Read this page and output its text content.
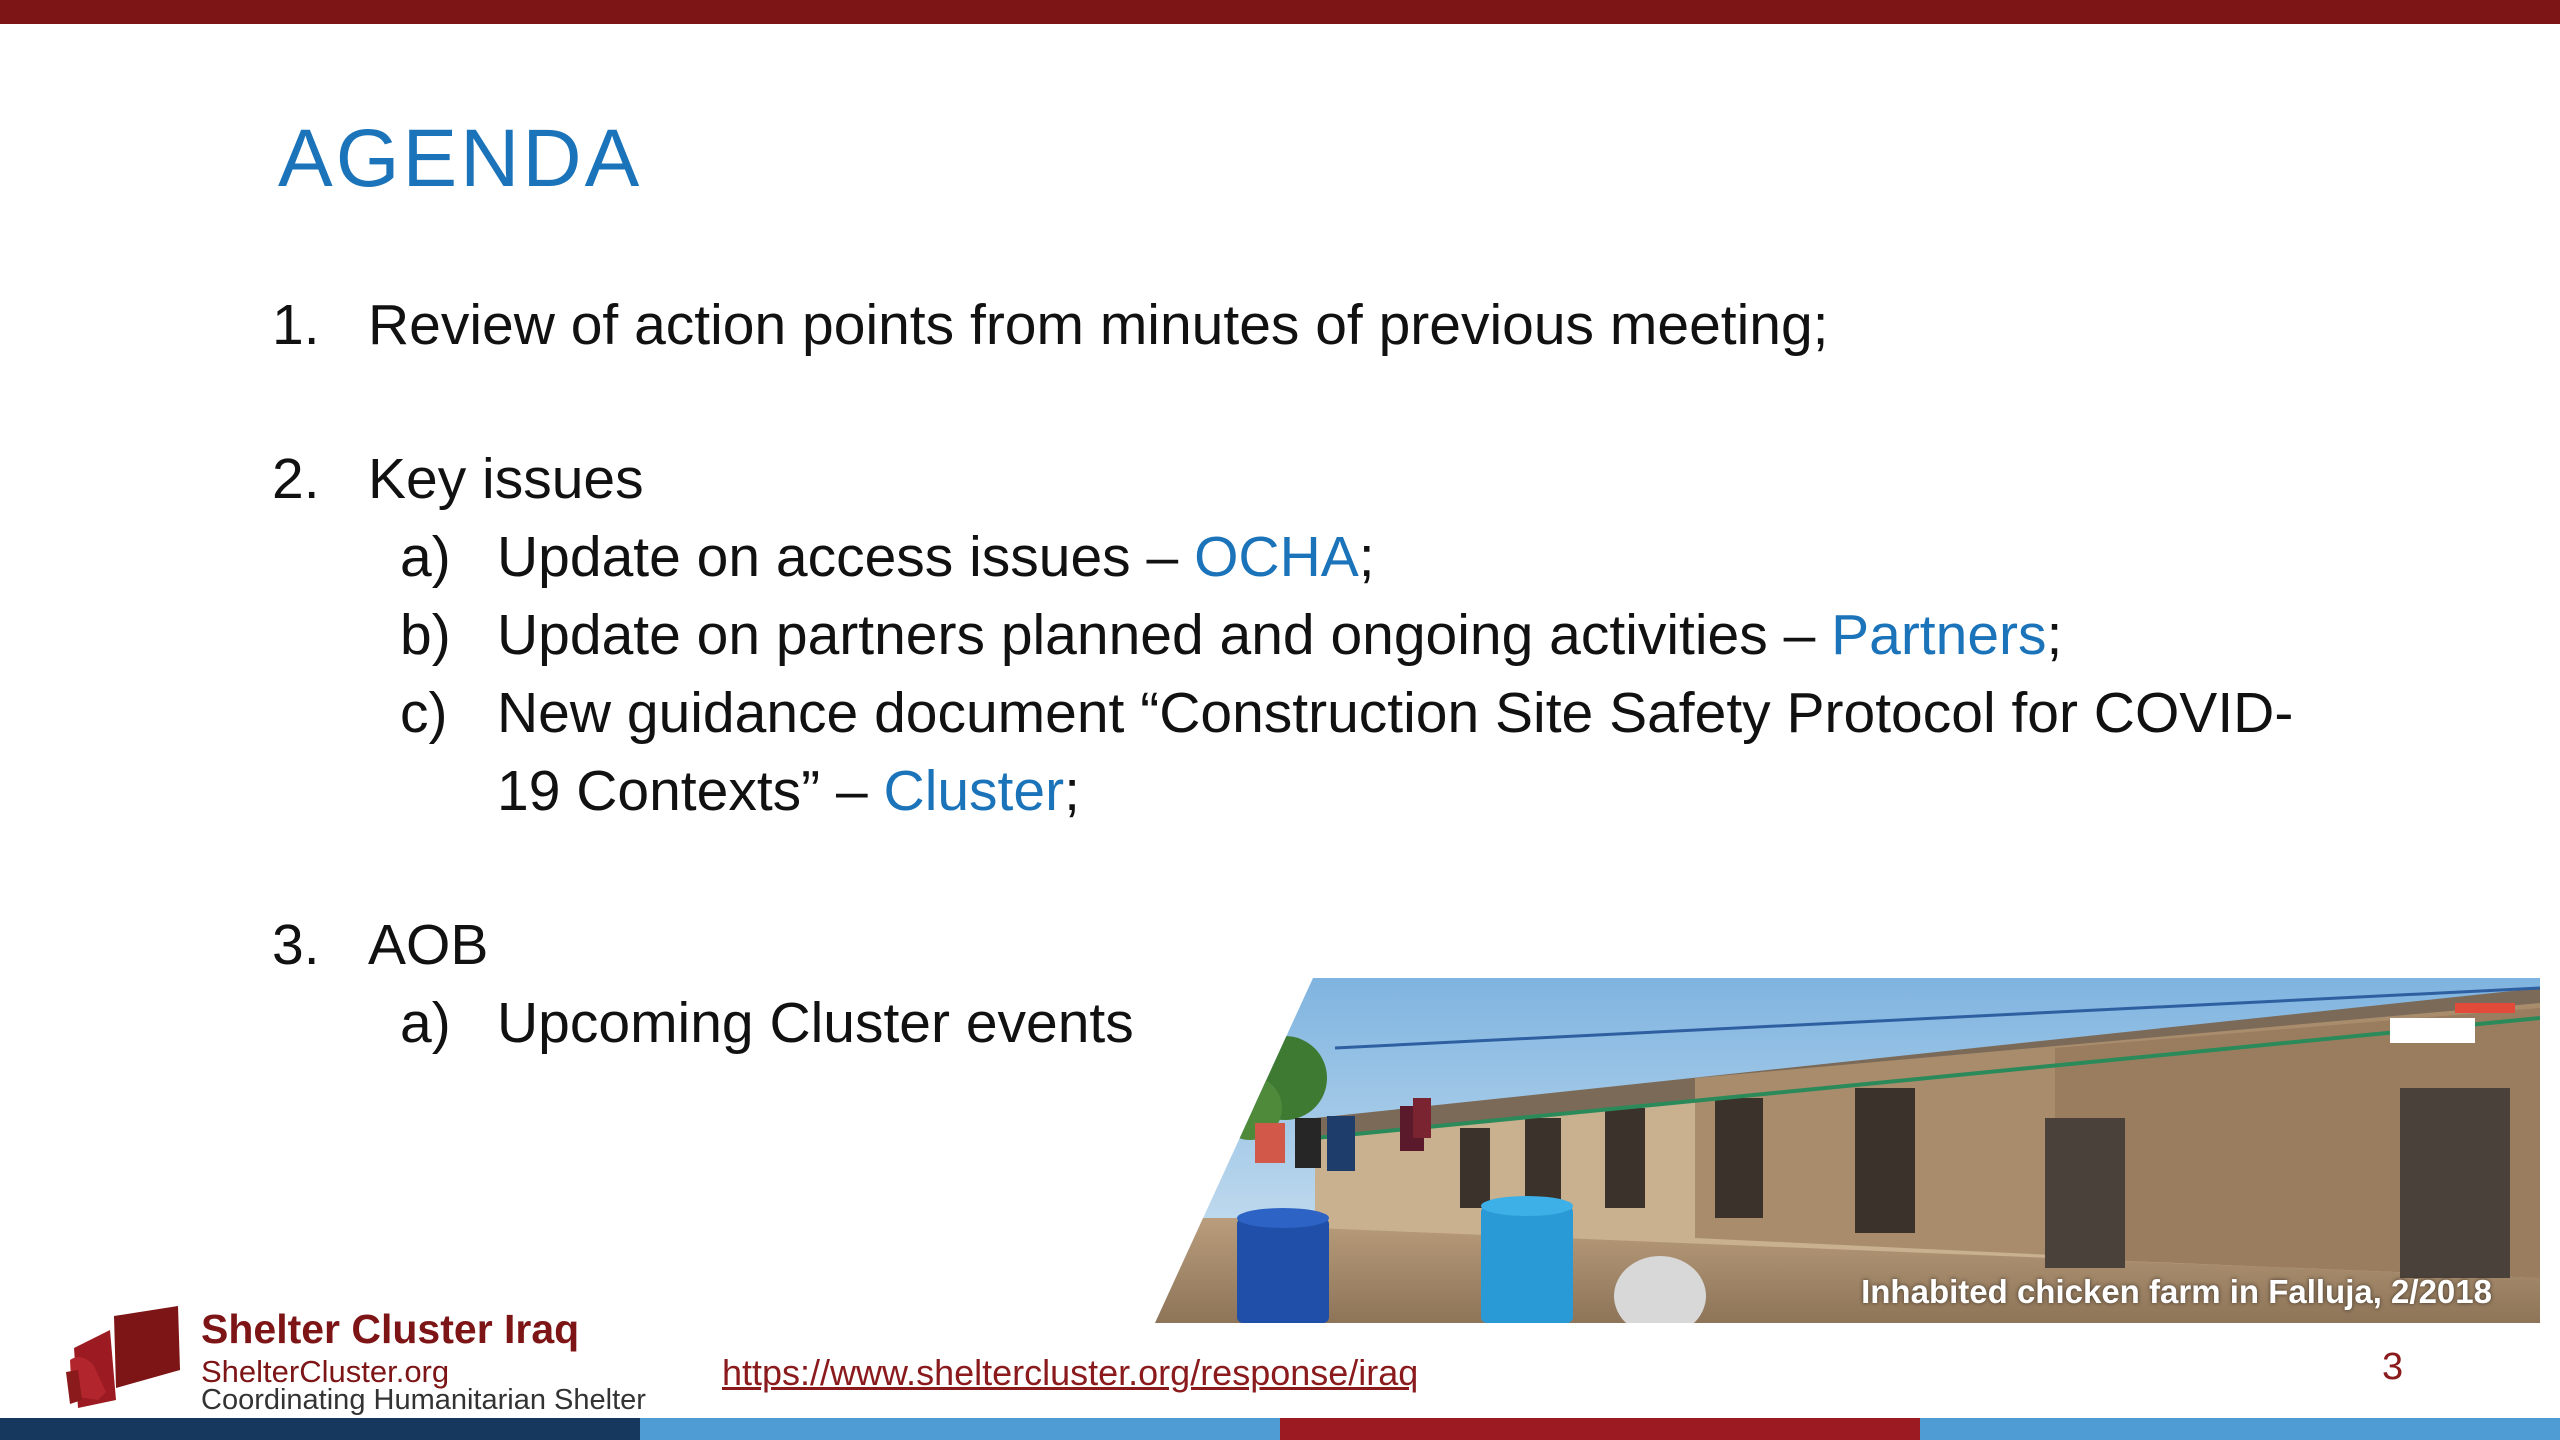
AGENDA
1. Review of action points from minutes of previous meeting;
2. Key issues
a) Update on access issues – OCHA;
b) Update on partners planned and ongoing activities – Partners;
c) New guidance document “Construction Site Safety Protocol for COVID-
19 Contexts” – Cluster;
3. AOB
a) Upcoming Cluster events
Inhabited chicken farm in Falluja, 2/2018
Shelter Cluster Iraq
ShelterCluster.org
Coordinating Humanitarian Shelter
https://www.sheltercluster.org/response/iraq	3
